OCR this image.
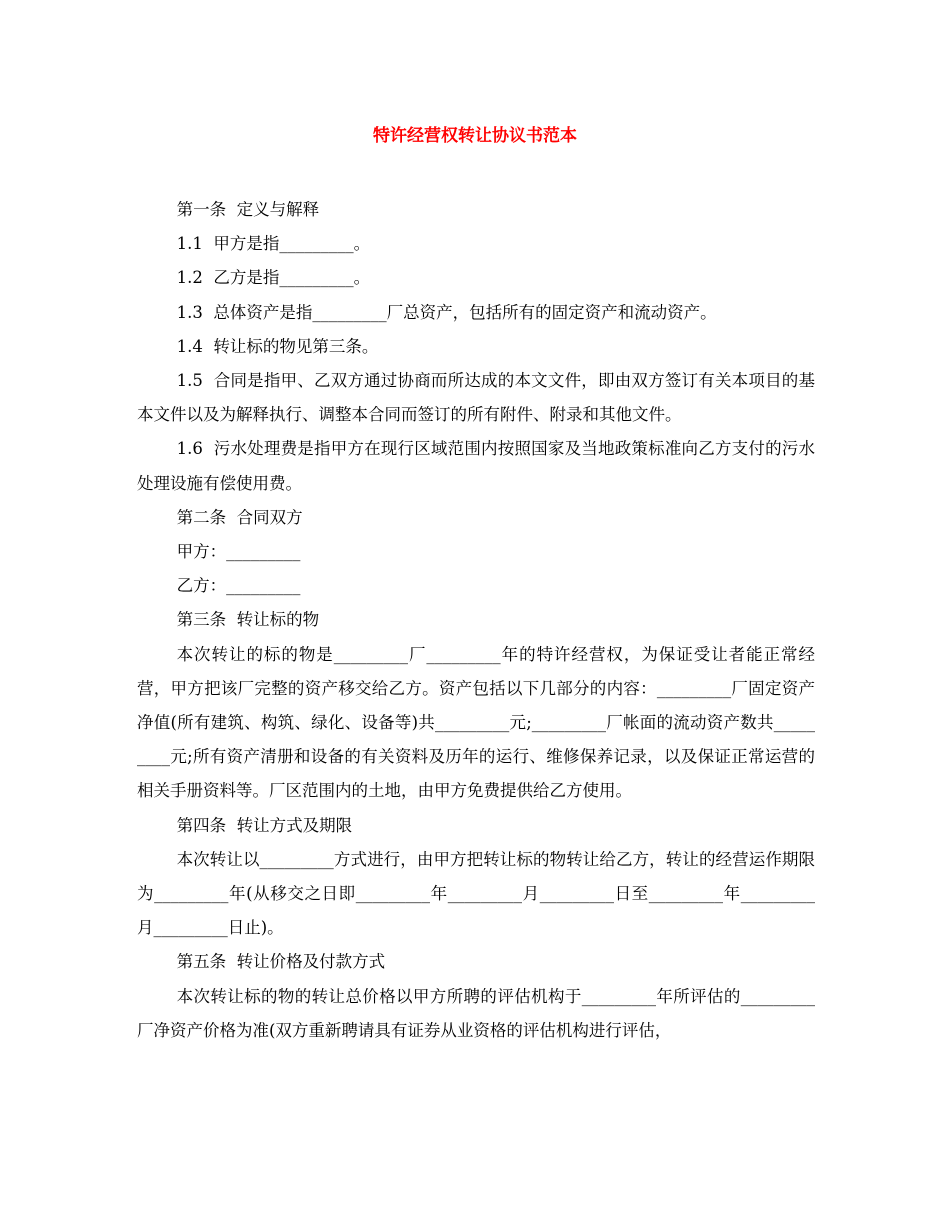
特许经营权转让协议书范本

第一条  定义与解释

1.1  甲方是指_________。

1.2  乙方是指_________。

1.3  总体资产是指_________厂总资产，包括所有的固定资产和流动资产。

1.4  转让标的物见第三条。

1.5  合同是指甲、乙双方通过协商而所达成的本文文件，即由双方签订有关本项目的基本文件以及为解释执行、调整本合同而签订的所有附件、附录和其他文件。

1.6  污水处理费是指甲方在现行区域范围内按照国家及当地政策标准向乙方支付的污水处理设施有偿使用费。

第二条  合同双方

甲方：_________

乙方：_________

第三条  转让标的物

本次转让的标的物是_________厂_________年的特许经营权，为保证受让者能正常经营，甲方把该厂完整的资产移交给乙方。资产包括以下几部分的内容：_________厂固定资产净值(所有建筑、构筑、绿化、设备等)共_________元;_________厂帐面的流动资产数共_________元;所有资产清册和设备的有关资料及历年的运行、维修保养记录，以及保证正常运营的相关手册资料等。厂区范围内的土地，由甲方免费提供给乙方使用。

第四条  转让方式及期限

本次转让以_________方式进行，由甲方把转让标的物转让给乙方，转让的经营运作期限为_________年(从移交之日即_________年_________月_________日至_________年_________月_________日止)。

第五条  转让价格及付款方式

本次转让标的物的转让总价格以甲方所聘的评估机构于_________年所评估的_________厂净资产价格为准(双方重新聘请具有证券从业资格的评估机构进行评估，
